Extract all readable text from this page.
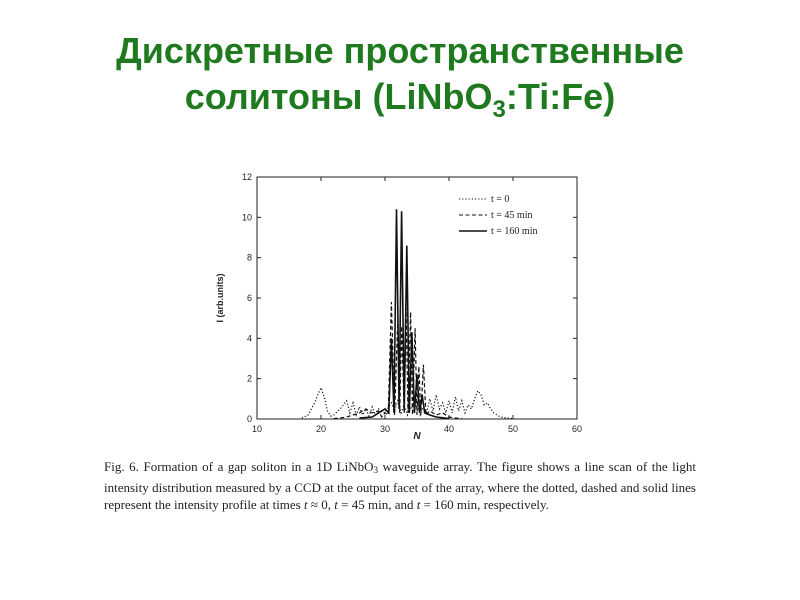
Дискретные пространственные
солитоны (LiNbO$_3$:Ti:Fe)
10	20	30	40	50	60
0
2
4
6
8
10
12
t = 0
t = 45 min
t = 160 min
N
I (arb.units)

Fig. 6. Formation of a gap soliton in a 1D LiNbO$_3$ waveguide array. The figure shows a line scan of the light intensity distribution measured by a CCD at the output facet of the array, where the dotted, dashed and solid lines represent the intensity profile at times t ≈ 0, t = 45 min, and t = 160 min, respectively.
